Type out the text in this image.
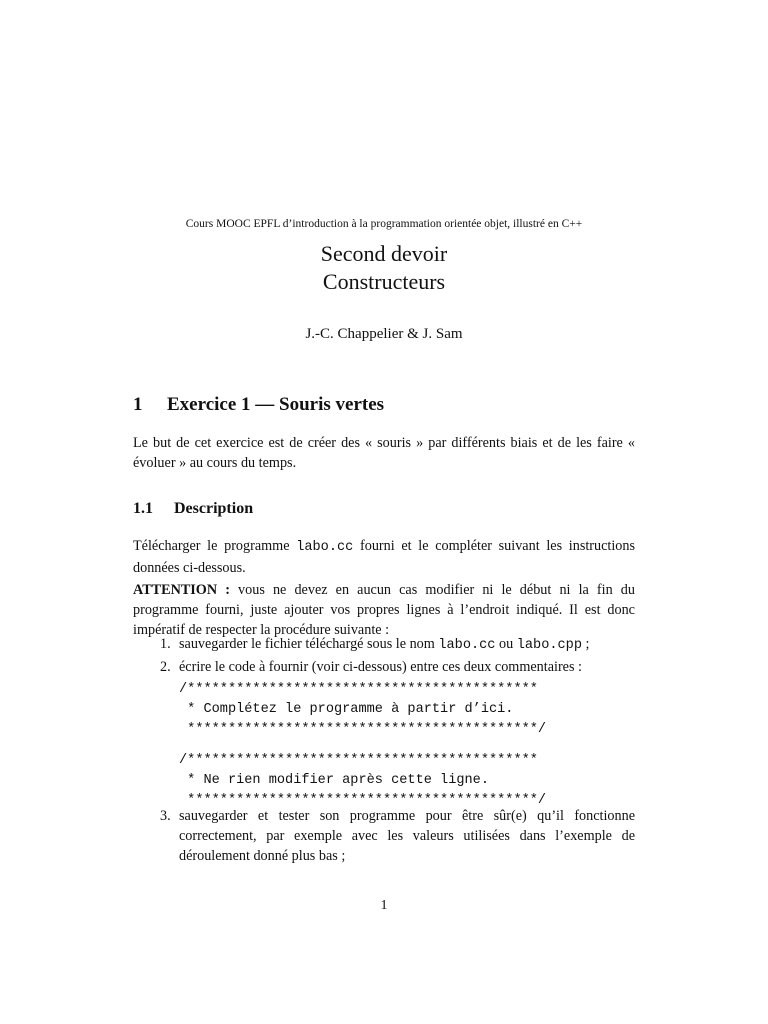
Cours MOOC EPFL d’introduction à la programmation orientée objet, illustré en C++
Second devoir
Constructeurs
J.-C. Chappelier & J. Sam
1 Exercice 1 — Souris vertes
Le but de cet exercice est de créer des « souris » par différents biais et de les faire « évoluer » au cours du temps.
1.1 Description
Télécharger le programme labo.cc fourni et le compléter suivant les instructions données ci-dessous.
ATTENTION : vous ne devez en aucun cas modifier ni le début ni la fin du programme fourni, juste ajouter vos propres lignes à l’endroit indiqué. Il est donc impératif de respecter la procédure suivante :
1. sauvegarder le fichier téléchargé sous le nom labo.cc ou labo.cpp ;
2. écrire le code à fournir (voir ci-dessous) entre ces deux commentaires :
/*******************************************
* Complétez le programme à partir d’ici.
*******************************************/
/*******************************************
* Ne rien modifier après cette ligne.
*******************************************/
3. sauvegarder et tester son programme pour être sûr(e) qu’il fonctionne correctement, par exemple avec les valeurs utilisées dans l’exemple de déroulement donné plus bas ;
1
